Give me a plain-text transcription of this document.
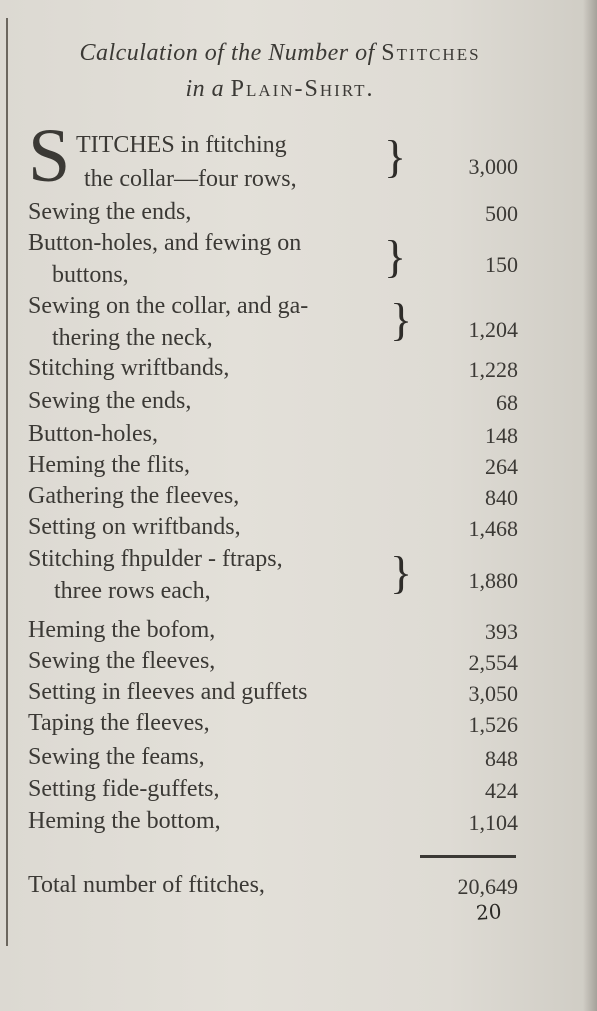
Calculation of the Number of Stitches
in a Plain-Shirt.
S TITCHES in ftitching
the collar—four rows, }	3,000
Sewing the ends,	500
Button-holes, and fewing on
buttons,	}	150
Sewing on the collar, and ga-
thering the neck,	}	1,204
Stitching wriftbands,	1,228
Sewing the ends,	68
Button-holes,	148
Heming the flits,	264
Gathering the fleeves,	840
Setting on wriftbands,	1,468
Stitching fhpulder - ftraps,
three rows each,	}	1,880
Heming the bofom,	393
Sewing the fleeves,	2,554
Setting in fleeves and guffets	3,050
Taping the fleeves,	1,526
Sewing the feams,	848
Setting fide-guffets,	424
Heming the bottom,	1,104
Total number of ftitches,	20,649
20
